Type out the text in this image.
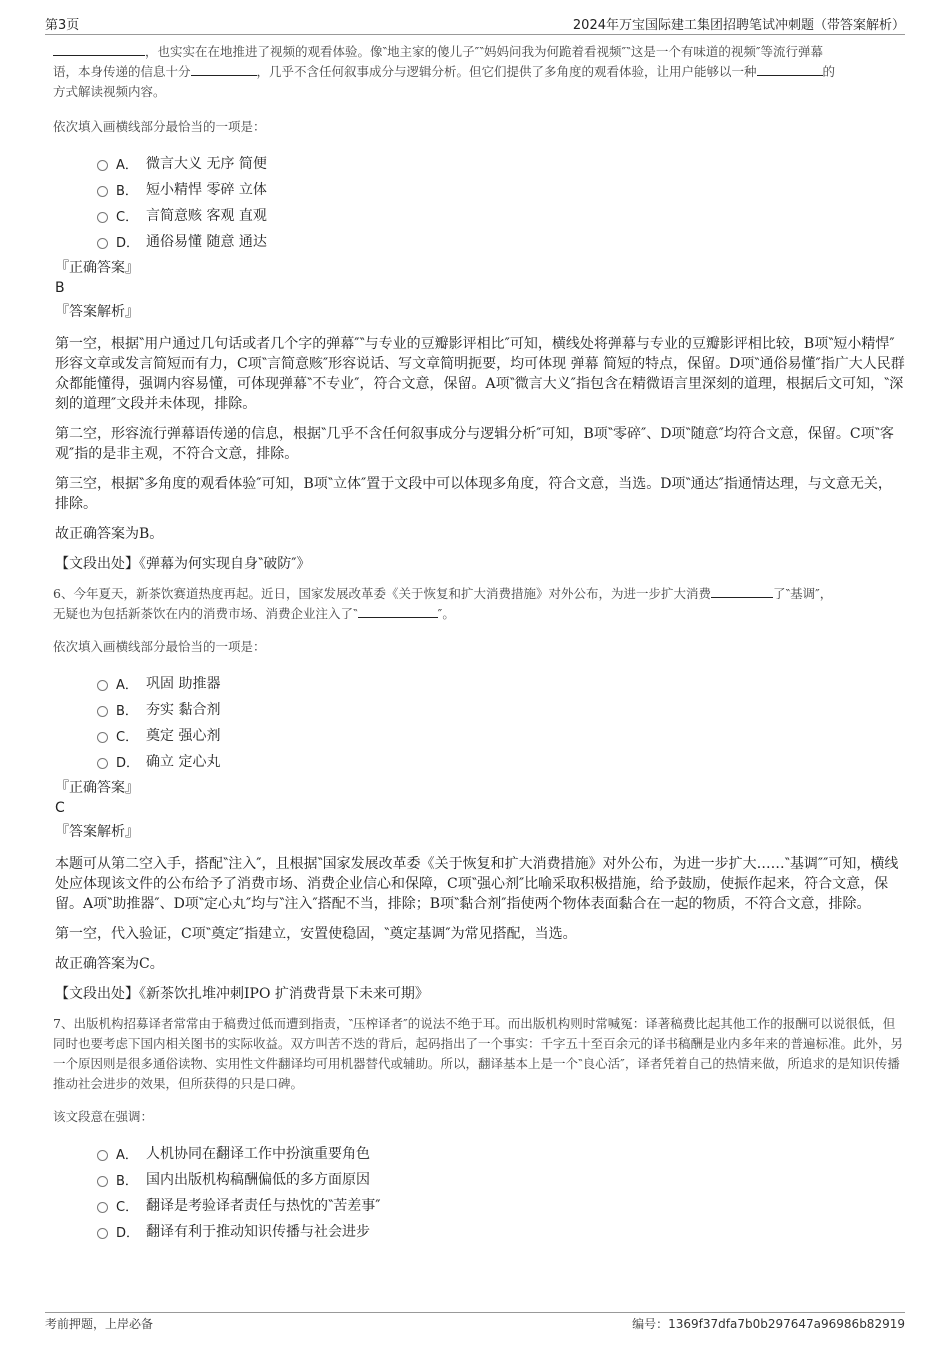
第3页	2024年万宝国际建工集团招聘笔试冲刺题（带答案解析）

，也实实在在地推进了视频的观看体验。像‶地主家的傻儿子″‶妈妈问我为何跪着看视频″‶这是一个有味道的视频″等流行弹幕
语，本身传递的信息十分	，几乎不含任何叙事成分与逻辑分析。但它们提供了多角度的观看体验，让用户能够以一种	的
方式解读视频内容。

依次填入画横线部分最恰当的一项是：

A． 微言大义 无序 简便
B． 短小精悍 零碎 立体
C． 言简意赅 客观 直观
D． 通俗易懂 随意 通达

『正确答案』

B

『答案解析』

第一空，根据‶用户通过几句话或者几个字的弹幕″‶与专业的豆瓣影评相比″可知，横线处将弹幕与专业的豆瓣影评相比较，B项‶短小精悍″形容文章或发言简短而有力，C项‶言简意赅″形容说话、写文章简明扼要，均可体现 弹幕 简短的特点，保留。D项‶通俗易懂″指广大人民群众都能懂得，强调内容易懂，可体现弹幕‶不专业″，符合文意，保留。A项‶微言大义″指包含在精微语言里深刻的道理，根据后文可知，‶深刻的道理″文段并未体现，排除。

第二空，形容流行弹幕语传递的信息，根据‶几乎不含任何叙事成分与逻辑分析″可知，B项‶零碎″、D项‶随意″均符合文意，保留。C项‶客观″指的是非主观，不符合文意，排除。

第三空，根据‶多角度的观看体验″可知，B项‶立体″置于文段中可以体现多角度，符合文意，当选。D项‶通达″指通情达理，与文意无关，排除。

故正确答案为B。

【文段出处】《弹幕为何实现自身‶破防″》

6、今年夏天，新茶饮赛道热度再起。近日，国家发展改革委《关于恢复和扩大消费措施》对外公布，为进一步扩大消费	了‶基调″，
无疑也为包括新茶饮在内的消费市场、消费企业注入了‶	″。

依次填入画横线部分最恰当的一项是：

A． 巩固 助推器
B． 夯实 黏合剂
C． 奠定 强心剂
D． 确立 定心丸

『正确答案』

C

『答案解析』

本题可从第二空入手，搭配‶注入″，且根据‶国家发展改革委《关于恢复和扩大消费措施》对外公布，为进一步扩大……‶基调″″可知，横线处应体现该文件的公布给予了消费市场、消费企业信心和保障，C项‶强心剂″比喻采取积极措施，给予鼓励，使振作起来，符合文意，保留。A项‶助推器″、D项‶定心丸″均与‶注入″搭配不当，排除；B项‶黏合剂″指使两个物体表面黏合在一起的物质，不符合文意，排除。

第一空，代入验证，C项‶奠定″指建立，安置使稳固，‶奠定基调″为常见搭配，当选。

故正确答案为C。

【文段出处】《新茶饮扎堆冲刺IPO 扩消费背景下未来可期》

7、出版机构招募译者常常由于稿费过低而遭到指责，‶压榨译者″的说法不绝于耳。而出版机构则时常喊冤：译著稿费比起其他工作的报酬可以说很低，但同时也要考虑下国内相关图书的实际收益。双方叫苦不迭的背后，起码指出了一个事实：千字五十至百余元的译书稿酬是业内多年来的普遍标准。此外，另一个原因则是很多通俗读物、实用性文件翻译均可用机器替代或辅助。所以，翻译基本上是一个‶良心活″，译者凭着自己的热情来做，所追求的是知识传播推动社会进步的效果，但所获得的只是口碑。

该文段意在强调：

A． 人机协同在翻译工作中扮演重要角色
B． 国内出版机构稿酬偏低的多方面原因
C． 翻译是考验译者责任与热忱的‶苦差事″
D． 翻译有利于推动知识传播与社会进步
考前押题，上岸必备	编号：1369f37dfa7b0b297647a96986b82919
